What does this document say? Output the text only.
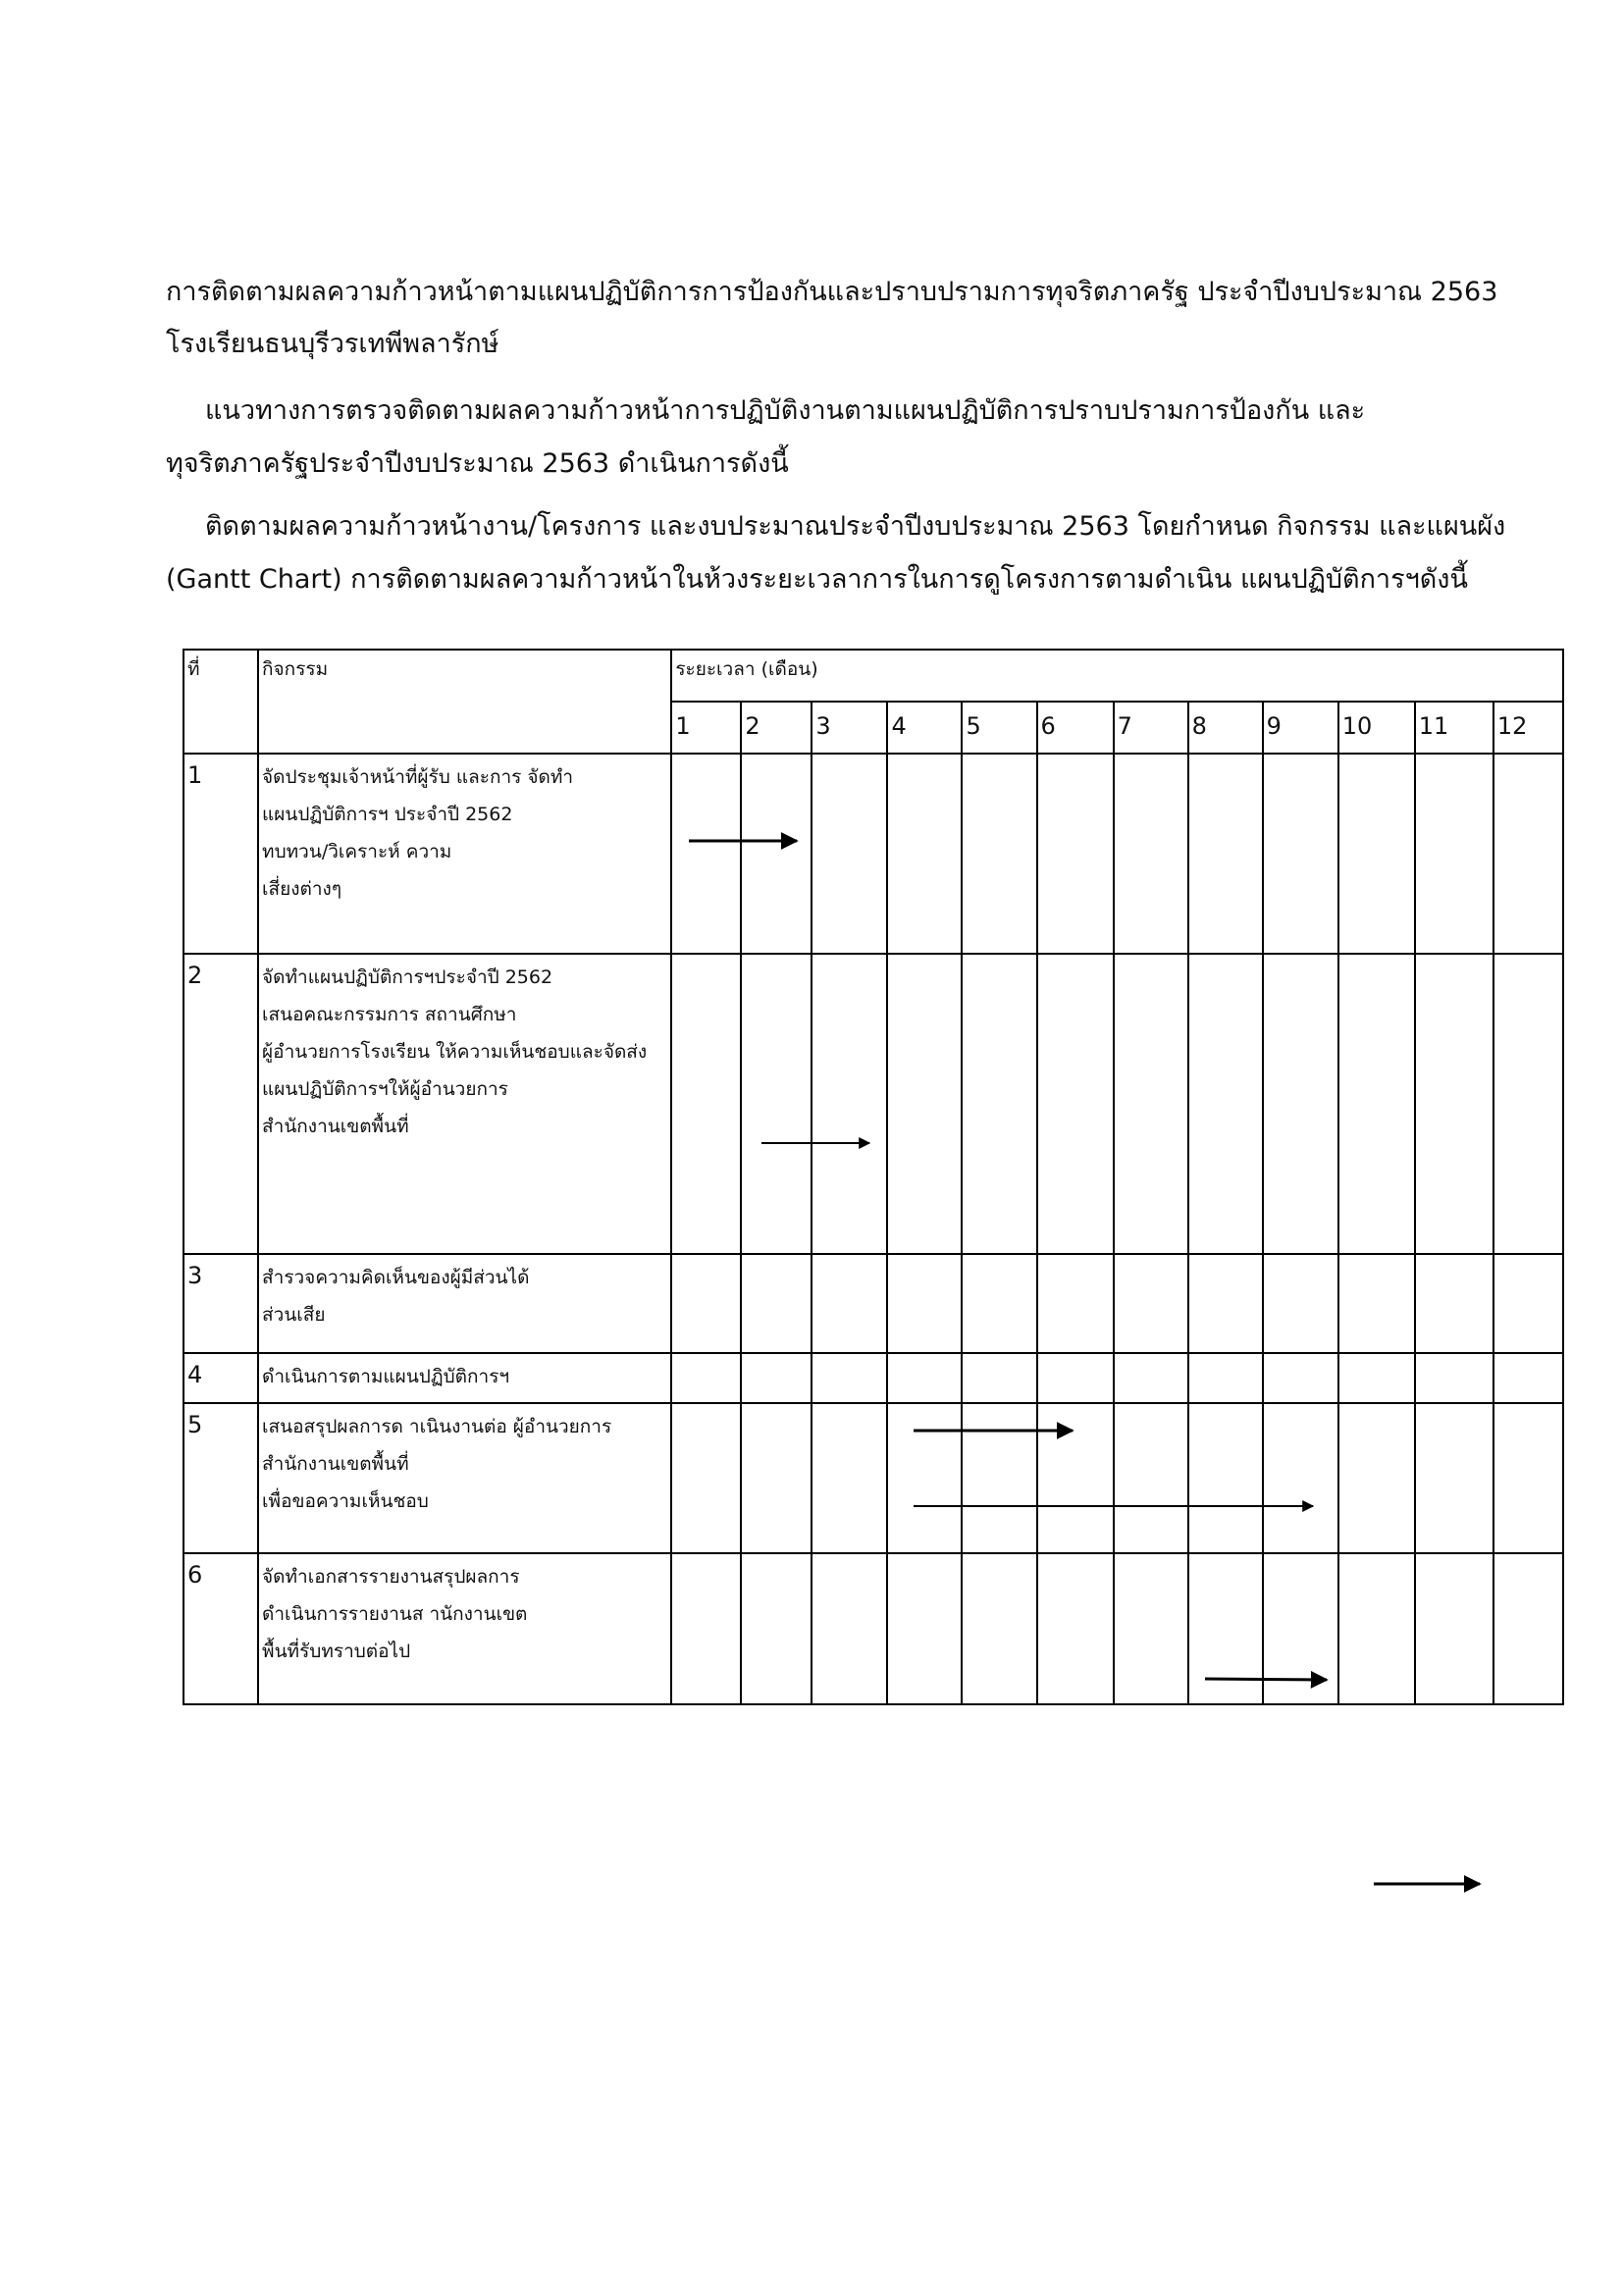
การติดตามผลความก้าวหน้าตามแผนปฏิบัติการการป้องกันและปราบปรามการทุจริตภาครัฐ ประจำปีงบประมาณ 2563

โรงเรียนธนบุรีวรเทพีพลารักษ์

แนวทางการตรวจติดตามผลความก้าวหน้าการปฏิบัติงานตามแผนปฏิบัติการปราบปรามการป้องกัน และ

ทุจริตภาครัฐประจำปีงบประมาณ 2563 ดำเนินการดังนี้

ติดตามผลความก้าวหน้างาน/โครงการ และงบประมาณประจำปีงบประมาณ 2563 โดยกำหนด กิจกรรม และแผนผัง

(Gantt Chart) การติดตามผลความก้าวหน้าในห้วงระยะเวลาการในการดูโครงการตามดำเนิน แผนปฏิบัติการฯดังนี้

ที่	กิจกรรม	ระยะเวลา (เดือน)											
		1	2	3	4	5	6	7	8	9	10	11	12
1	จัดประชุมเจ้าหน้าที่ผู้รับ และการ จัดทำ
แผนปฏิบัติการฯ ประจำปี 2562
ทบทวน/วิเคราะห์ ความ
เสี่ยงต่างๆ												

2	จัดทำแผนปฏิบัติการฯประจำปี 2562
เสนอคณะกรรมการ สถานศึกษา
ผู้อำนวยการโรงเรียน ให้ความเห็นชอบและจัดส่ง
แผนปฏิบัติการฯให้ผู้อำนวยการ
สำนักงานเขตพื้นที่												

3	สำรวจความคิดเห็นของผู้มีส่วนได้
ส่วนเสีย												

4	ดำเนินการตามแผนปฏิบัติการฯ												

5	เสนอสรุปผลการด าเนินงานต่อ ผู้อำนวยการ
สำนักงานเขตพื้นที่
เพื่อขอความเห็นชอบ												

6	จัดทำเอกสารรายงานสรุปผลการ
ดำเนินการรายงานส านักงานเขต
พื้นที่รับทราบต่อไป												
